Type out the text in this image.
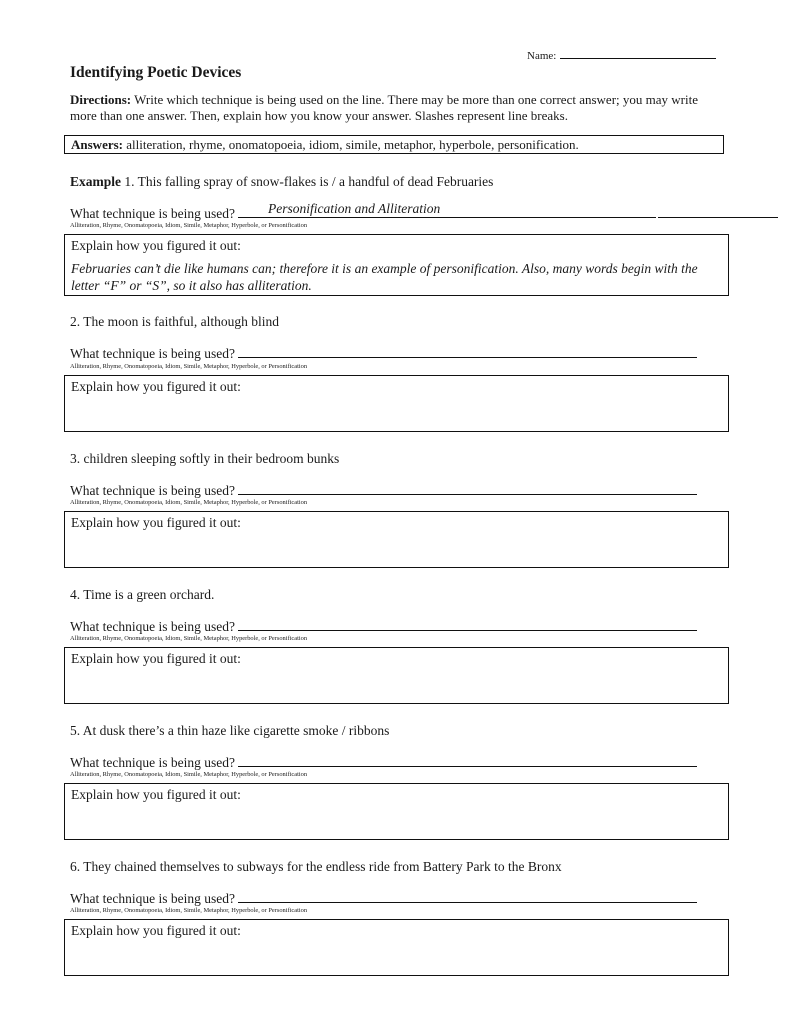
Name:
Identifying Poetic Devices
Directions: Write which technique is being used on the line. There may be more than one correct answer; you may write more than one answer. Then, explain how you know your answer. Slashes represent line breaks.
Answers: alliteration, rhyme, onomatopoeia, idiom, simile, metaphor, hyperbole, personification.
Example 1. This falling spray of snow-flakes is / a handful of dead Februaries
What technique is being used? Personification and Alliteration
Alliteration, Rhyme, Onomatopoeia, Idiom, Simile, Metaphor, Hyperbole, or Personification
Explain how you figured it out:
Februaries can’t die like humans can; therefore it is an example of personification. Also, many words begin with the letter “F” or “S”, so it also has alliteration.
2. The moon is faithful, although blind
What technique is being used?
Alliteration, Rhyme, Onomatopoeia, Idiom, Simile, Metaphor, Hyperbole, or Personification
Explain how you figured it out:
3. children sleeping softly in their bedroom bunks
What technique is being used?
Alliteration, Rhyme, Onomatopoeia, Idiom, Simile, Metaphor, Hyperbole, or Personification
Explain how you figured it out:
4. Time is a green orchard.
What technique is being used?
Alliteration, Rhyme, Onomatopoeia, Idiom, Simile, Metaphor, Hyperbole, or Personification
Explain how you figured it out:
5. At dusk there’s a thin haze like cigarette smoke / ribbons
What technique is being used?
Alliteration, Rhyme, Onomatopoeia, Idiom, Simile, Metaphor, Hyperbole, or Personification
Explain how you figured it out:
6. They chained themselves to subways for the endless ride from Battery Park to the Bronx
What technique is being used?
Alliteration, Rhyme, Onomatopoeia, Idiom, Simile, Metaphor, Hyperbole, or Personification
Explain how you figured it out:
